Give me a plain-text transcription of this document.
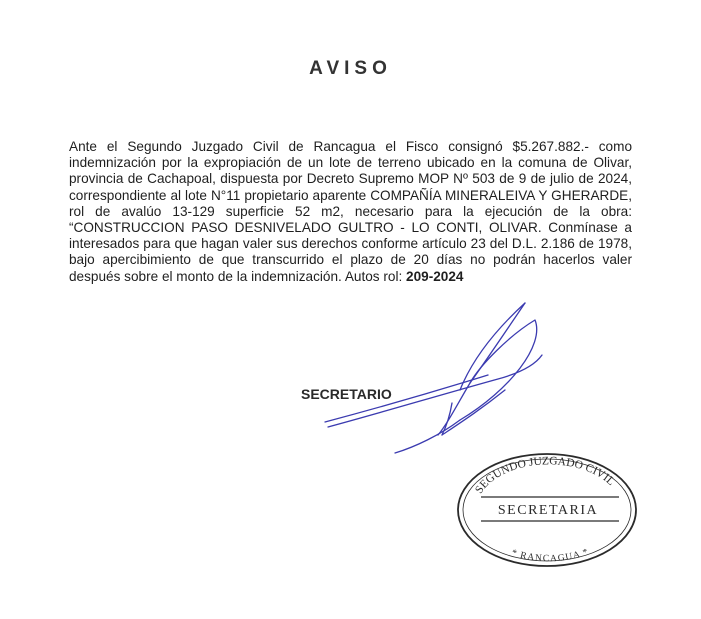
AVISO
Ante el Segundo Juzgado Civil de Rancagua el Fisco consignó $5.267.882.- como indemnización por la expropiación de un lote de terreno ubicado en la comuna de Olivar, provincia de Cachapoal, dispuesta por Decreto Supremo MOP Nº 503 de 9 de julio de 2024, correspondiente al lote N°11 propietario aparente COMPAÑÍA MINERALEIVA Y GHERARDE, rol de avalúo 13-129 superficie 52 m2, necesario para la ejecución de la obra: “CONSTRUCCION PASO DESNIVELADO GULTRO - LO CONTI, OLIVAR. Conmínase a interesados para que hagan valer sus derechos conforme artículo 23 del D.L. 2.186 de 1978, bajo apercibimiento de que transcurrido el plazo de 20 días no podrán hacerlos valer después sobre el monto de la indemnización. Autos rol: 209-2024
SECRETARIO
SEGUNDO JUZGADO CIVIL
SECRETARIA
* RANCAGUA *
